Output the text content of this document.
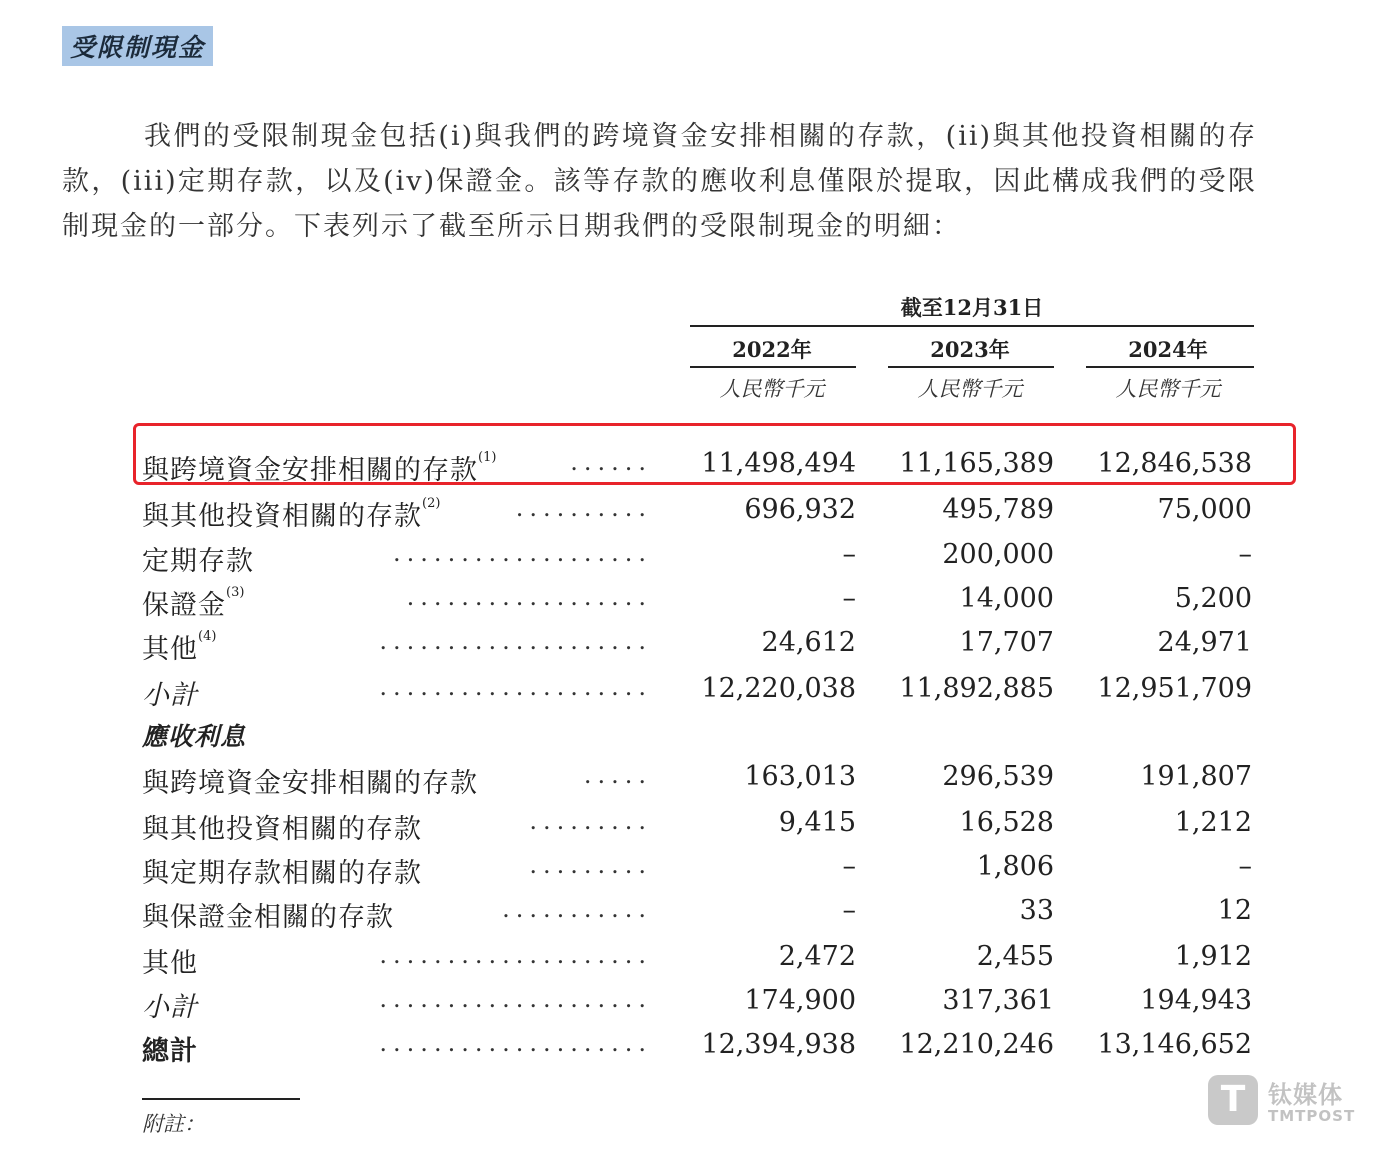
受限制現金
我們的受限制現金包括(i)與我們的跨境資金安排相關的存款，(ii)與其他投資相關的存款，(iii)定期存款，以及(iv)保證金。該等存款的應收利息僅限於提取，因此構成我們的受限制現金的一部分。下表列示了截至所示日期我們的受限制現金的明細：
截至12月31日
2022年	2023年	2024年
人民幣千元	人民幣千元	人民幣千元
與跨境資金安排相關的存款$^{(1)}$	......	11,498,494	11,165,389	12,846,538
與其他投資相關的存款$^{(2)}$	..........	696,932	495,789	75,000
定期存款	...................	–	200,000	–
保證金$^{(3)}$	..................	–	14,000	5,200
其他$^{(4)}$	....................	24,612	17,707	24,971
小計	....................	12,220,038	11,892,885	12,951,709
應收利息
與跨境資金安排相關的存款	.....	163,013	296,539	191,807
與其他投資相關的存款	.........	9,415	16,528	1,212
與定期存款相關的存款	.........	–	1,806	–
與保證金相關的存款	...........	–	33	12
其他	....................	2,472	2,455	1,912
小計	....................	174,900	317,361	194,943
總計	....................	12,394,938	12,210,246	13,146,652
附註：
T 钛媒体
TMTPOST
